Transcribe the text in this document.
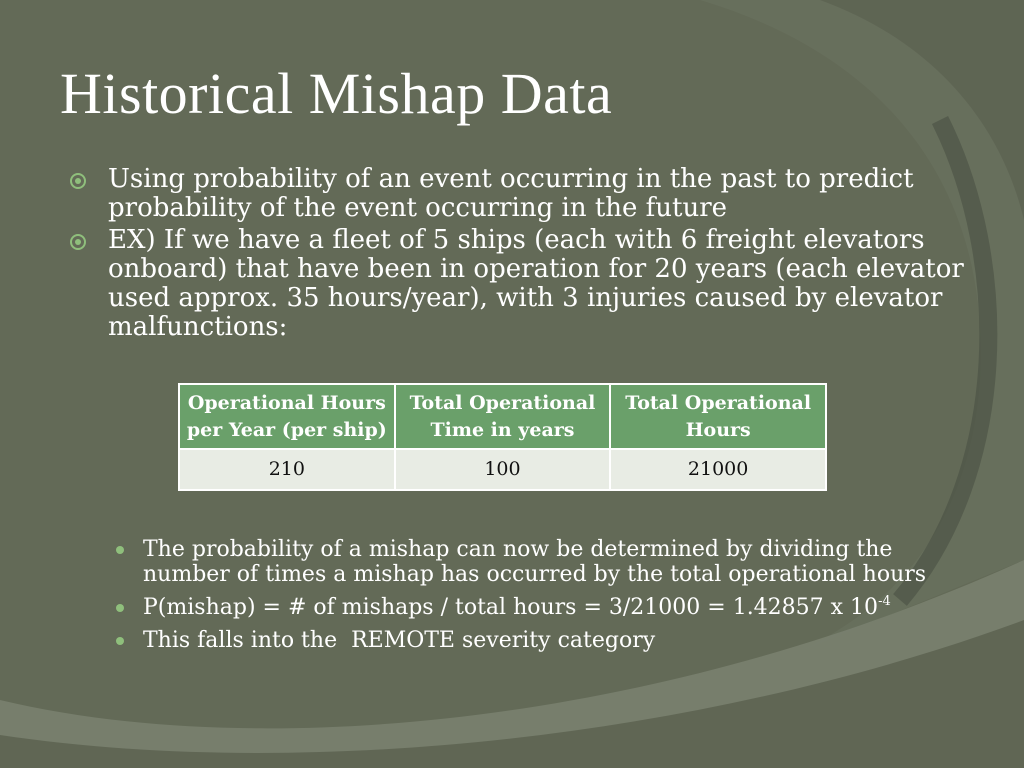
Historical Mishap Data
Using probability of an event occurring in the past to predict probability of the event occurring in the future
EX) If we have a fleet of 5 ships (each with 6 freight elevators onboard) that have been in operation for 20 years (each elevator used approx. 35 hours/year), with 3 injuries caused by elevator malfunctions:
Operational Hours per Year (per ship)	Total Operational Time in years	Total Operational Hours
210	100	21000
The probability of a mishap can now be determined by dividing the number of times a mishap has occurred by the total operational hours
P(mishap) = # of mishaps / total hours = 3/21000 = 1.42857 x $10^{-4}$
This falls into the  REMOTE severity category
